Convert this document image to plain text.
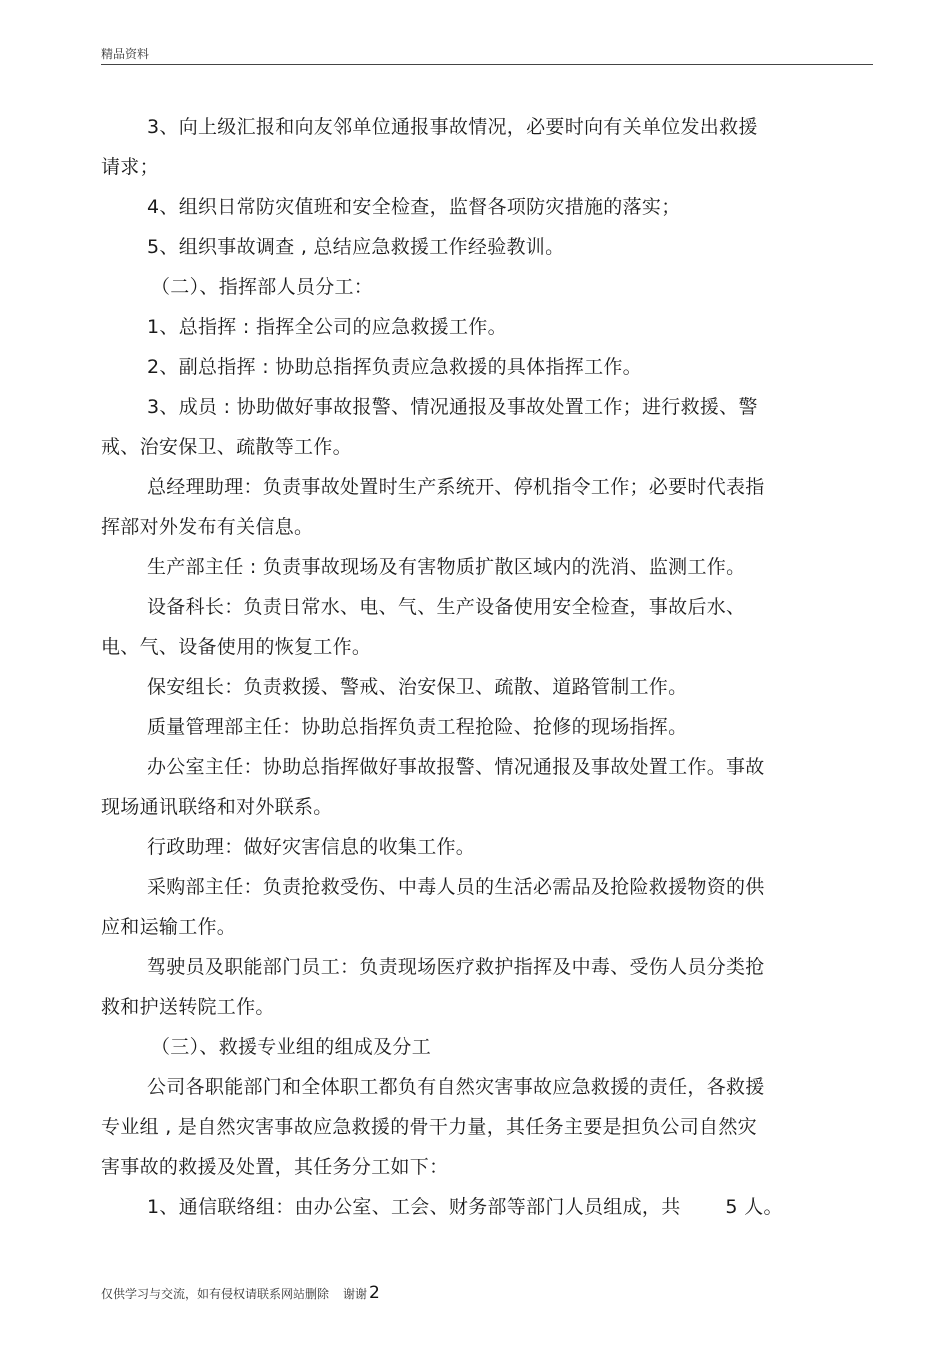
精品资料
3、向上级汇报和向友邻单位通报事故情况，必要时向有关单位发出救援
请求；
4、组织日常防灾值班和安全检查，监督各项防灾措施的落实；
5、组织事故调查 , 总结应急救援工作经验教训。
（二）、指挥部人员分工：
1、总指挥 : 指挥全公司的应急救援工作。
2、副总指挥 : 协助总指挥负责应急救援的具体指挥工作。
3、成员 : 协助做好事故报警、情况通报及事故处置工作；进行救援、警
戒、治安保卫、疏散等工作。
总经理助理：负责事故处置时生产系统开、停机指令工作；必要时代表指
挥部对外发布有关信息。
生产部主任 : 负责事故现场及有害物质扩散区域内的洗消、监测工作。
设备科长：负责日常水、电、气、生产设备使用安全检查，事故后水、
电、气、设备使用的恢复工作。
保安组长：负责救援、警戒、治安保卫、疏散、道路管制工作。
质量管理部主任：协助总指挥负责工程抢险、抢修的现场指挥。
办公室主任：协助总指挥做好事故报警、情况通报及事故处置工作。事故
现场通讯联络和对外联系。
行政助理：做好灾害信息的收集工作。
采购部主任：负责抢救受伤、中毒人员的生活必需品及抢险救援物资的供
应和运输工作。
驾驶员及职能部门员工：负责现场医疗救护指挥及中毒、受伤人员分类抢
救和护送转院工作。
（三）、救援专业组的组成及分工
公司各职能部门和全体职工都负有自然灾害事故应急救援的责任，各救援
专业组 , 是自然灾害事故应急救援的骨干力量，其任务主要是担负公司自然灾
害事故的救援及处置，其任务分工如下：
1、通信联络组：由办公室、工会、财务部等部门人员组成，共　　 5 人。
仅供学习与交流，如有侵权请联系网站删除 谢谢 2
